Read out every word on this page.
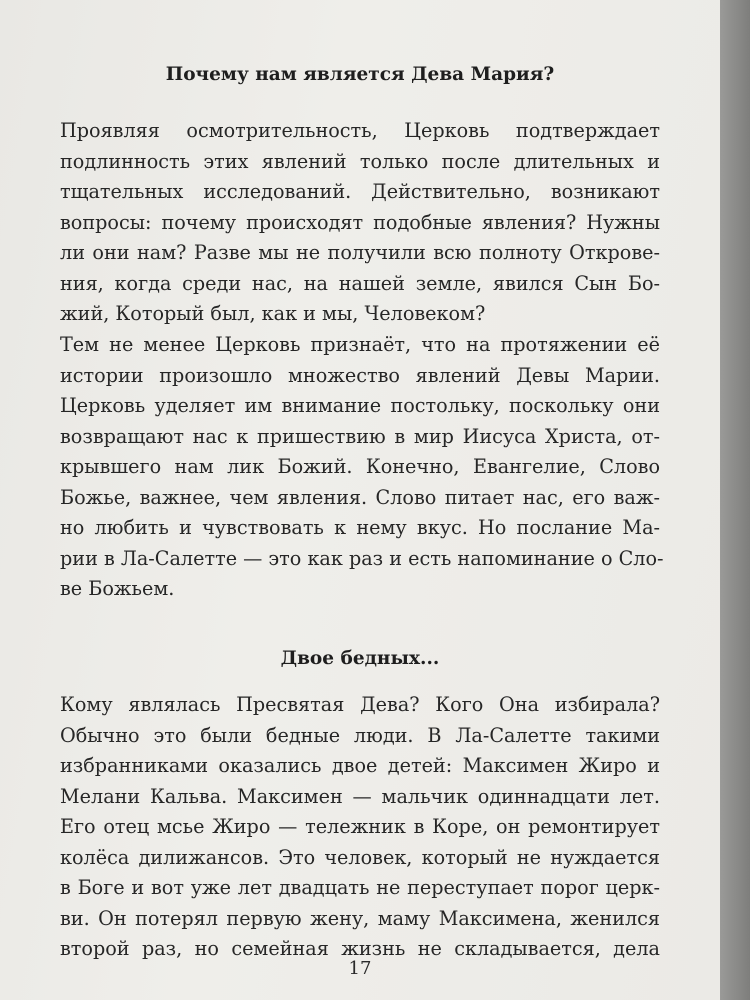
Почему нам является Дева Мария?
Проявляя осмотрительность, Церковь подтверждает
подлинность этих явлений только после длительных и
тщательных исследований. Действительно, возникают
вопросы: почему происходят подобные явления? Нужны
ли они нам? Разве мы не получили всю полноту Открове-
ния, когда среди нас, на нашей земле, явился Сын Бо-
жий, Который был, как и мы, Человеком?
Тем не менее Церковь признаёт, что на протяжении её
истории произошло множество явлений Девы Марии.
Церковь уделяет им внимание постольку, поскольку они
возвращают нас к пришествию в мир Иисуса Христа, от-
крывшего нам лик Божий. Конечно, Евангелие, Слово
Божье, важнее, чем явления. Слово питает нас, его важ-
но любить и чувствовать к нему вкус. Но послание Ма-
рии в Ла-Салетте — это как раз и есть напоминание о Сло-
ве Божьем.
Двое бедных...
Кому являлась Пресвятая Дева? Кого Она избирала?
Обычно это были бедные люди. В Ла-Салетте такими
избранниками оказались двое детей: Максимен Жиро и
Мелани Кальва. Максимен — мальчик одиннадцати лет.
Его отец мсье Жиро — тележник в Коре, он ремонтирует
колёса дилижансов. Это человек, который не нуждается
в Боге и вот уже лет двадцать не переступает порог церк-
ви. Он потерял первую жену, маму Максимена, женился
второй раз, но семейная жизнь не складывается, дела
17
